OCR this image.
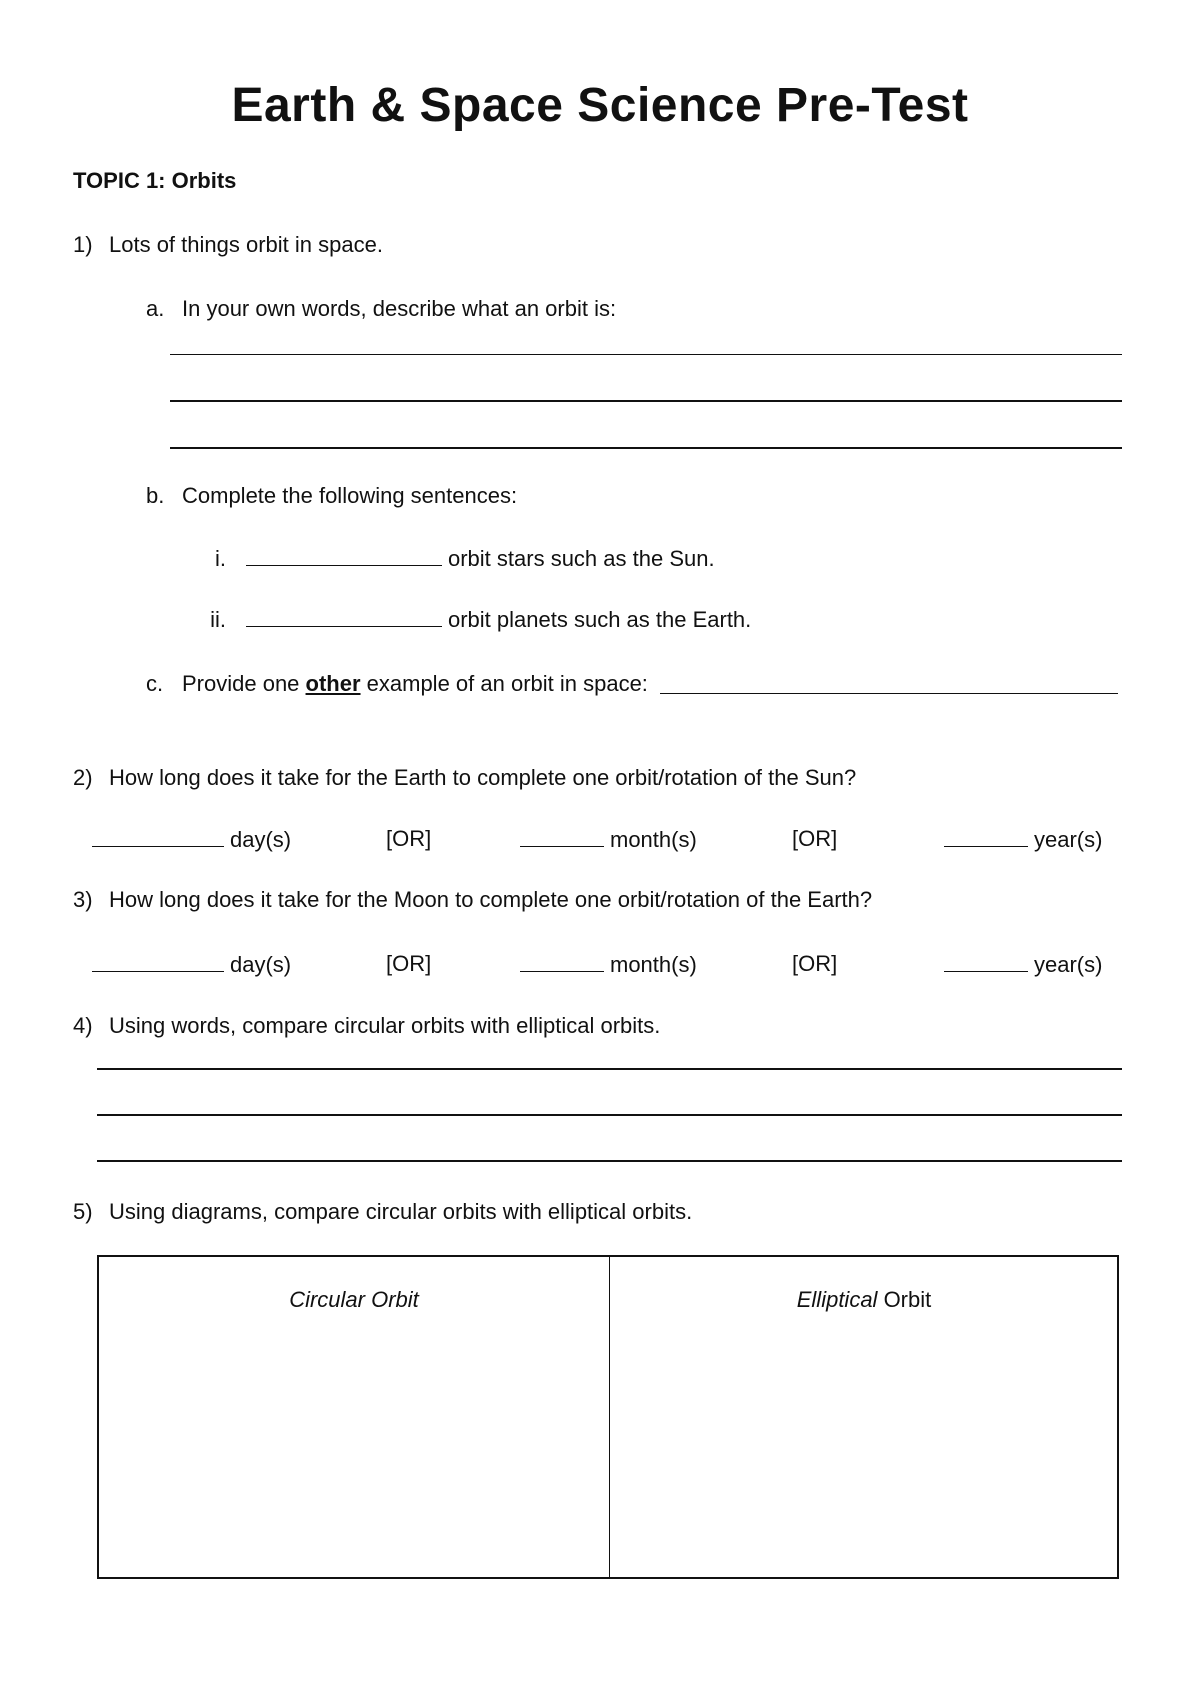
Earth & Space Science Pre-Test
TOPIC 1: Orbits
1) Lots of things orbit in space.
a. In your own words, describe what an orbit is:
b. Complete the following sentences:
i.	orbit stars such as the Sun.
ii.	orbit planets such as the Earth.
c. Provide one other example of an orbit in space:
2) How long does it take for the Earth to complete one orbit/rotation of the Sun?
day(s)	[OR]	month(s)	[OR]	year(s)
3) How long does it take for the Moon to complete one orbit/rotation of the Earth?
day(s)	[OR]	month(s)	[OR]	year(s)
4) Using words, compare circular orbits with elliptical orbits.
5) Using diagrams, compare circular orbits with elliptical orbits.
Circular Orbit	Elliptical Orbit
